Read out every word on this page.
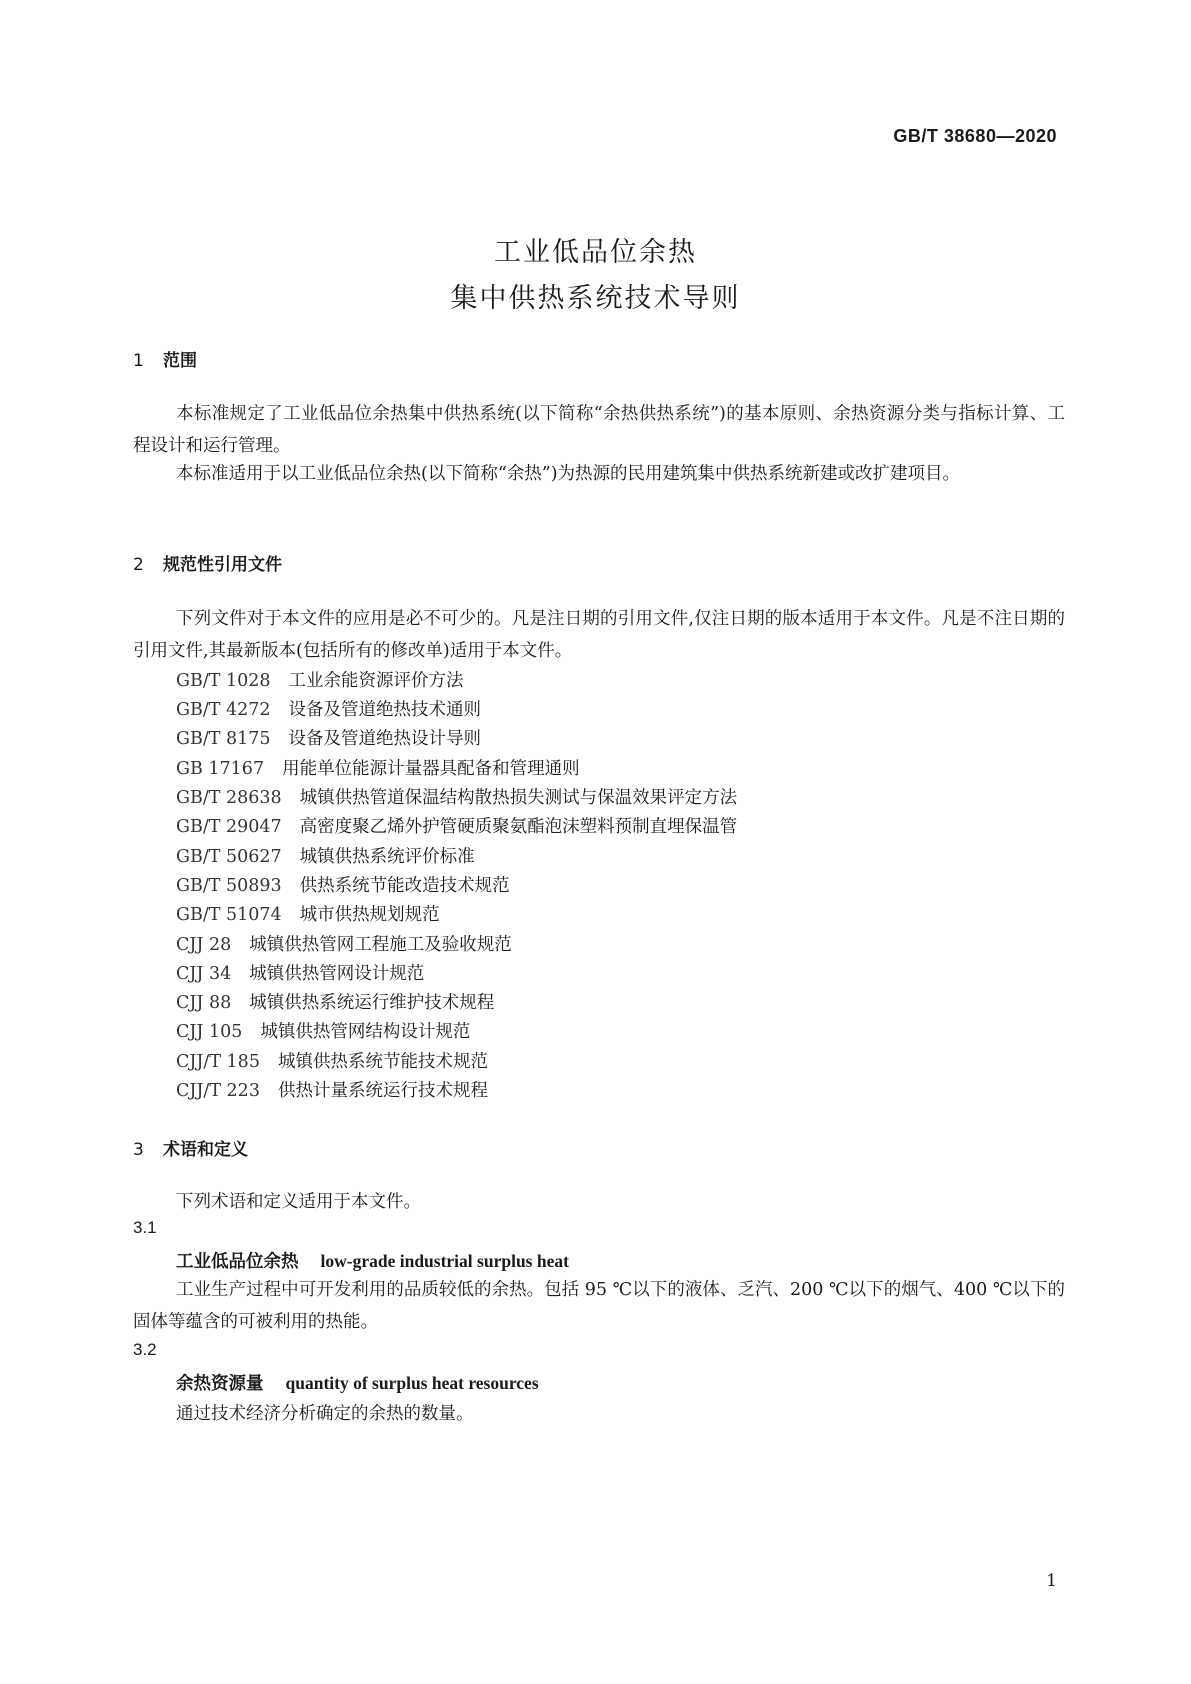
GB/T 38680—2020
工业低品位余热
集中供热系统技术导则
1 范围
本标准规定了工业低品位余热集中供热系统(以下简称“余热供热系统”)的基本原则、余热资源分类与指标计算、工程设计和运行管理。
本标准适用于以工业低品位余热(以下简称“余热”)为热源的民用建筑集中供热系统新建或改扩建项目。
2 规范性引用文件
下列文件对于本文件的应用是必不可少的。凡是注日期的引用文件,仅注日期的版本适用于本文件。凡是不注日期的引用文件,其最新版本(包括所有的修改单)适用于本文件。
GB/T 1028 工业余能资源评价方法
GB/T 4272 设备及管道绝热技术通则
GB/T 8175 设备及管道绝热设计导则
GB 17167 用能单位能源计量器具配备和管理通则
GB/T 28638 城镇供热管道保温结构散热损失测试与保温效果评定方法
GB/T 29047 高密度聚乙烯外护管硬质聚氨酯泡沫塑料预制直埋保温管
GB/T 50627 城镇供热系统评价标准
GB/T 50893 供热系统节能改造技术规范
GB/T 51074 城市供热规划规范
CJJ 28 城镇供热管网工程施工及验收规范
CJJ 34 城镇供热管网设计规范
CJJ 88 城镇供热系统运行维护技术规程
CJJ 105 城镇供热管网结构设计规范
CJJ/T 185 城镇供热系统节能技术规范
CJJ/T 223 供热计量系统运行技术规程
3 术语和定义
下列术语和定义适用于本文件。
3.1
工业低品位余热 low-grade industrial surplus heat
工业生产过程中可开发利用的品质较低的余热。包括 95 ℃以下的液体、乏汽、200 ℃以下的烟气、400 ℃以下的固体等蕴含的可被利用的热能。
3.2
余热资源量 quantity of surplus heat resources
通过技术经济分析确定的余热的数量。
1
